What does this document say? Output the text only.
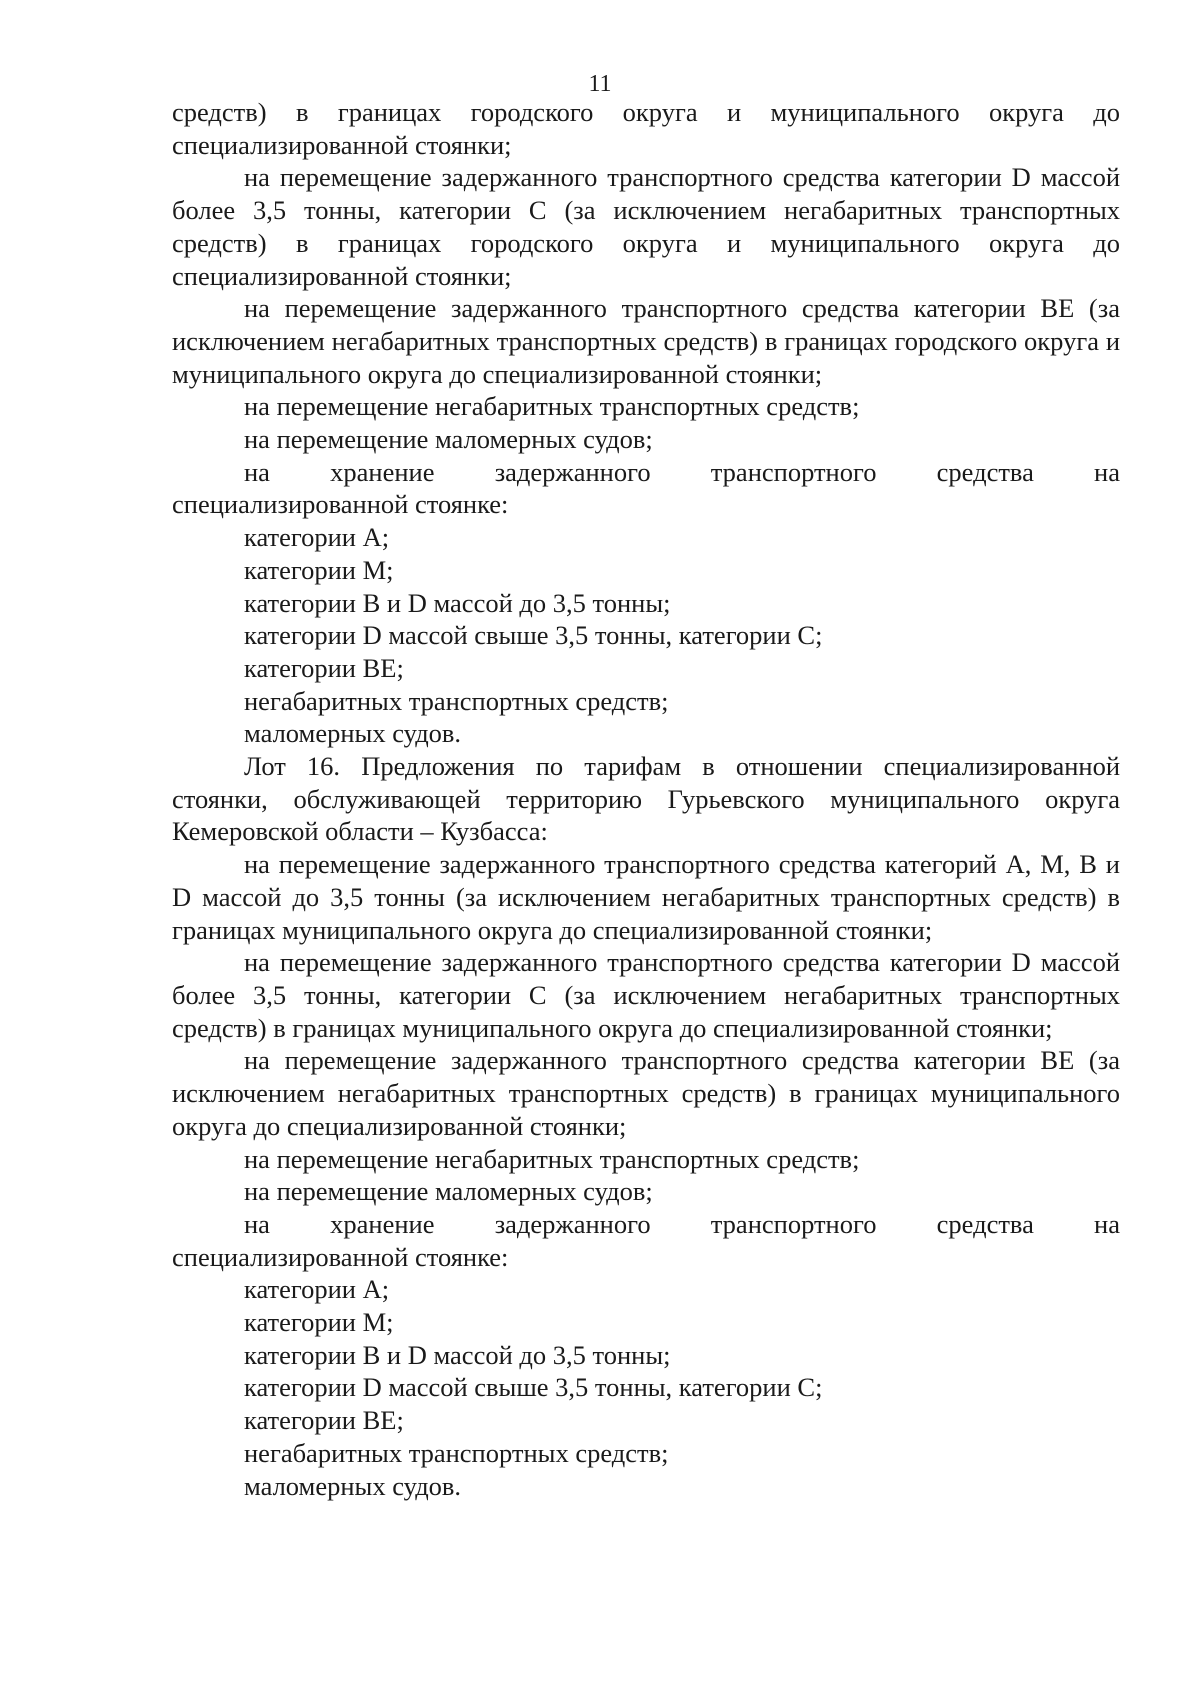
11

средств) в границах городского округа и муниципального округа до специализированной стоянки;

на перемещение задержанного транспортного средства категории D массой более 3,5 тонны, категории С (за исключением негабаритных транспортных средств) в границах городского округа и муниципального округа до специализированной стоянки;

на перемещение задержанного транспортного средства категории ВЕ (за исключением негабаритных транспортных средств) в границах городского округа и муниципального округа до специализированной стоянки;

на перемещение негабаритных транспортных средств;

на перемещение маломерных судов;

на хранение задержанного транспортного средства на

специализированной стоянке:

категории А;

категории М;

категории В и D массой до 3,5 тонны;

категории D массой свыше 3,5 тонны, категории С;

категории ВЕ;

негабаритных транспортных средств;

маломерных судов.

Лот 16. Предложения по тарифам в отношении специализированной стоянки, обслуживающей территорию Гурьевского муниципального округа Кемеровской области – Кузбасса:

на перемещение задержанного транспортного средства категорий А, М, В и D массой до 3,5 тонны (за исключением негабаритных транспортных средств) в границах муниципального округа до специализированной стоянки;

на перемещение задержанного транспортного средства категории D массой более 3,5 тонны, категории С (за исключением негабаритных транспортных средств) в границах муниципального округа до специализированной стоянки;

на перемещение задержанного транспортного средства категории ВЕ (за исключением негабаритных транспортных средств) в границах муниципального округа до специализированной стоянки;

на перемещение негабаритных транспортных средств;

на перемещение маломерных судов;

на хранение задержанного транспортного средства на

специализированной стоянке:

категории А;

категории М;

категории В и D массой до 3,5 тонны;

категории D массой свыше 3,5 тонны, категории С;

категории ВЕ;

негабаритных транспортных средств;

маломерных судов.
